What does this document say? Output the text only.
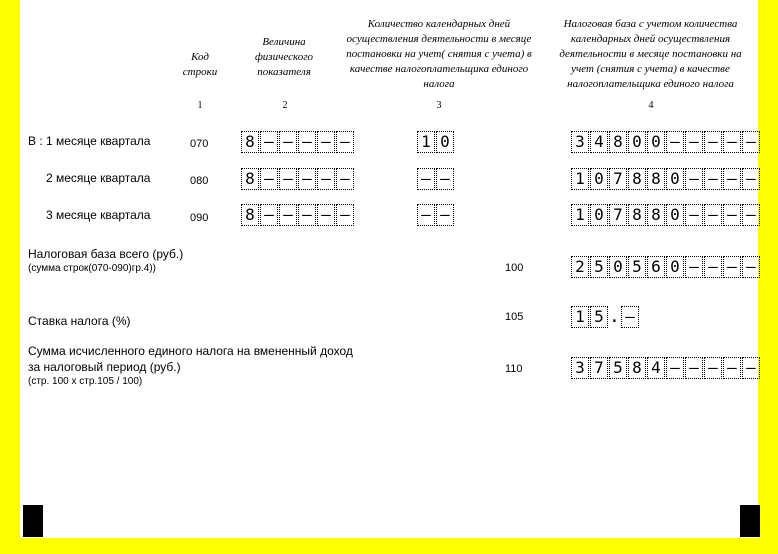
Код строки
Величина физического показателя
Количество календарных дней осуществления деятельности в месяце постановки на учет( снятия с учета) в качестве налогоплательщика единого налога
Налоговая база с учетом количества календарных дней осуществления деятельности в месяце постановки на учет (снятия с учета) в качестве налогоплательщика единого налога
1	2	3	4
В : 1 месяце квартала	070 8 – – – – –	1 0	3 4 8 0 0 – – – – –
2 месяце квартала	080 8 – – – – –	– –	1 0 7 8 8 0 – – – –
3 месяце квартала	090 8 – – – – –	– –	1 0 7 8 8 0 – – – –
Налоговая база всего (руб.)
(сумма строк(070-090)гр.4))	100	2 5 0 5 6 0 – – – –
Ставка налога (%)	105	1 5 . –
Сумма исчисленного единого налога на вмененный доход
за налоговый период (руб.)
(стр. 100 х стр.105 / 100)
110	3 7 5 8 4 – – – – –
